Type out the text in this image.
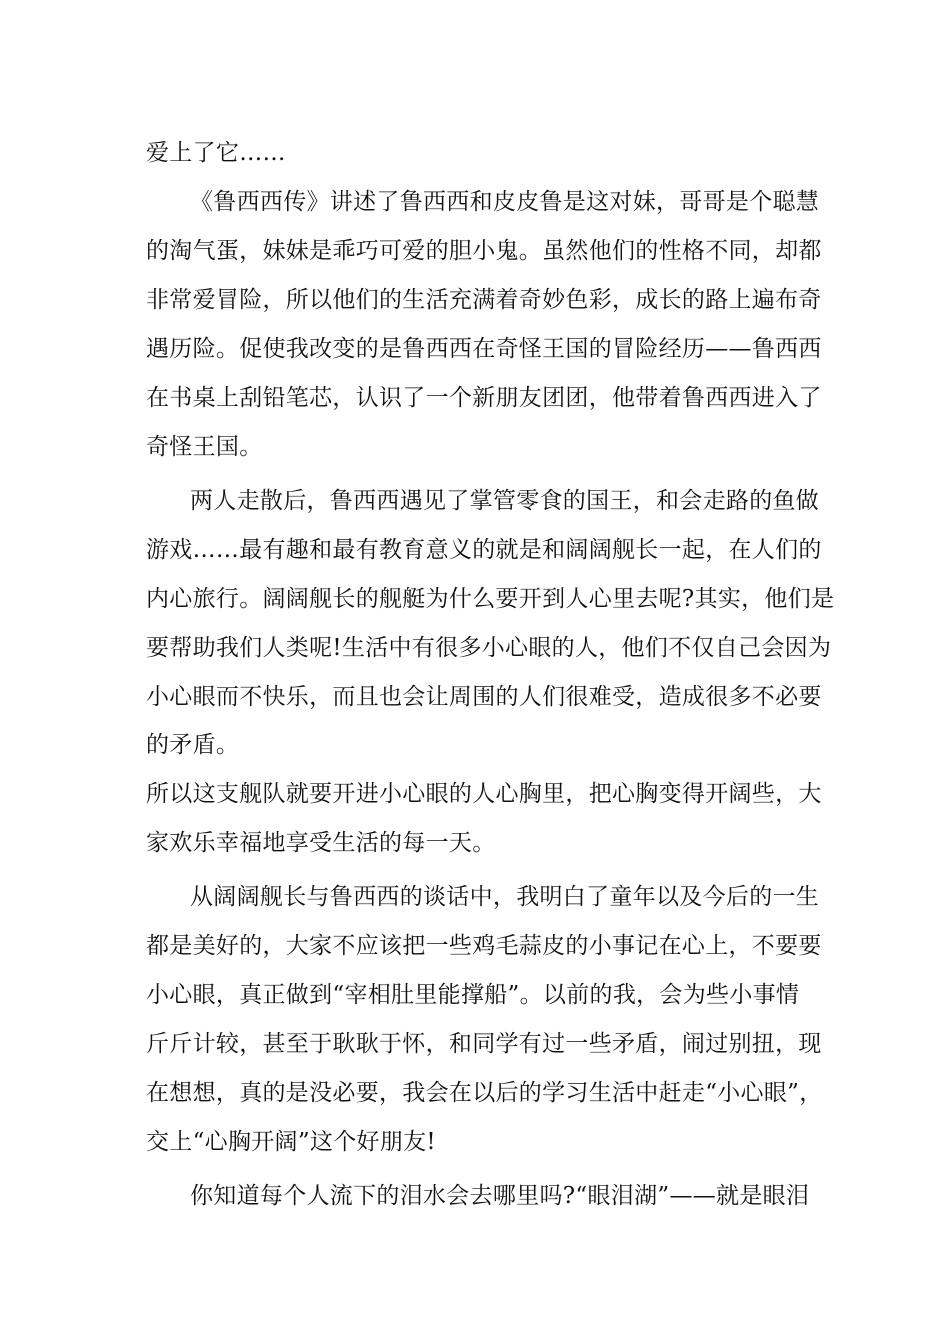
爱上了它……
《鲁西西传》讲述了鲁西西和皮皮鲁是这对妹，哥哥是个聪慧
的淘气蛋，妹妹是乖巧可爱的胆小鬼。虽然他们的性格不同，却都
非常爱冒险，所以他们的生活充满着奇妙色彩，成长的路上遍布奇
遇历险。促使我改变的是鲁西西在奇怪王国的冒险经历——鲁西西
在书桌上刮铅笔芯，认识了一个新朋友团团，他带着鲁西西进入了
奇怪王国。
两人走散后，鲁西西遇见了掌管零食的国王，和会走路的鱼做
游戏……最有趣和最有教育意义的就是和阔阔舰长一起，在人们的
内心旅行。阔阔舰长的舰艇为什么要开到人心里去呢?其实，他们是
要帮助我们人类呢!生活中有很多小心眼的人，他们不仅自己会因为
小心眼而不快乐，而且也会让周围的人们很难受，造成很多不必要
的矛盾。
所以这支舰队就要开进小心眼的人心胸里，把心胸变得开阔些，大
家欢乐幸福地享受生活的每一天。
从阔阔舰长与鲁西西的谈话中，我明白了童年以及今后的一生
都是美好的，大家不应该把一些鸡毛蒜皮的小事记在心上，不要要
小心眼，真正做到“宰相肚里能撑船”。以前的我，会为些小事情
斤斤计较，甚至于耿耿于怀，和同学有过一些矛盾，闹过别扭，现
在想想，真的是没必要，我会在以后的学习生活中赶走“小心眼”，
交上“心胸开阔”这个好朋友!
你知道每个人流下的泪水会去哪里吗?“眼泪湖”——就是眼泪
